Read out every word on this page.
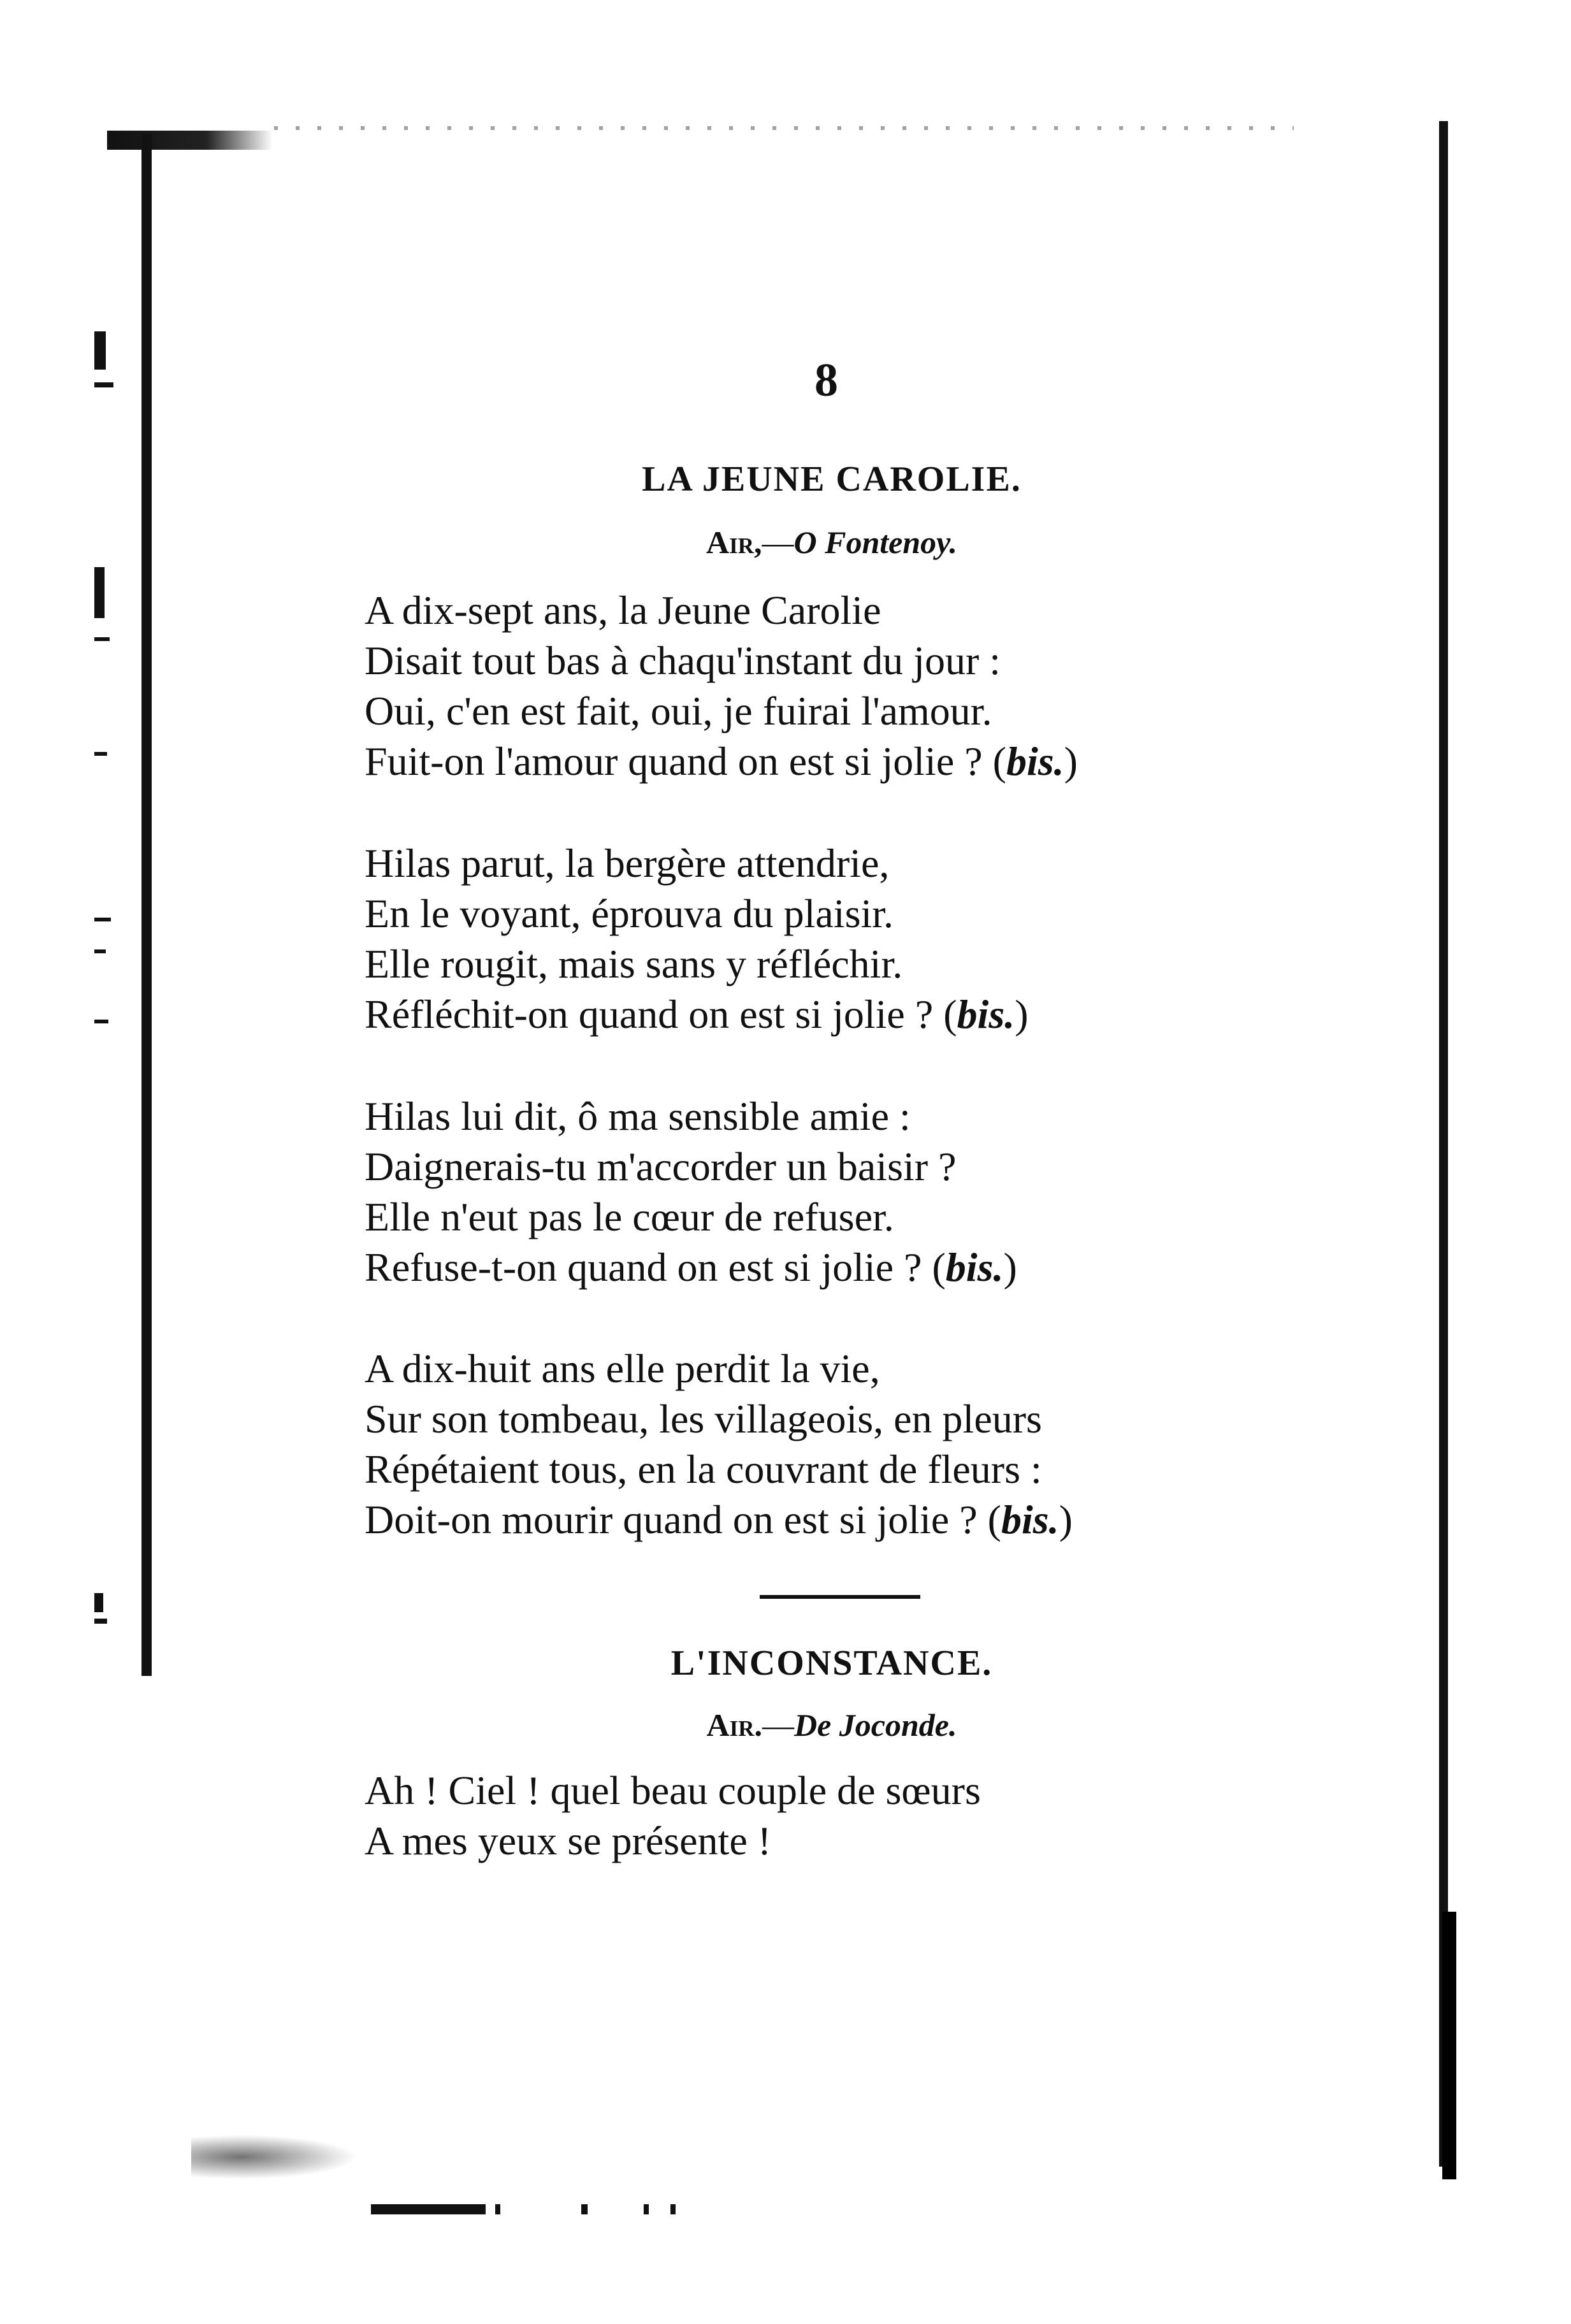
8
LA JEUNE CAROLIE.
Air,—O Fontenoy.
A dix-sept ans, la Jeune Carolie
Disait tout bas à chaqu'instant du jour :
Oui, c'en est fait, oui, je fuirai l'amour.
Fuit-on l'amour quand on est si jolie ? (bis.)
Hilas parut, la bergère attendrie,
En le voyant, éprouva du plaisir.
Elle rougit, mais sans y réfléchir.
Réfléchit-on quand on est si jolie ? (bis.)
Hilas lui dit, ô ma sensible amie :
Daignerais-tu m'accorder un baisir ?
Elle n'eut pas le cœur de refuser.
Refuse-t-on quand on est si jolie ? (bis.)
A dix-huit ans elle perdit la vie,
Sur son tombeau, les villageois, en pleurs
Répétaient tous, en la couvrant de fleurs :
Doit-on mourir quand on est si jolie ? (bis.)
L'INCONSTANCE.
Air.—De Joconde.
Ah ! Ciel ! quel beau couple de sœurs
A mes yeux se présente !
